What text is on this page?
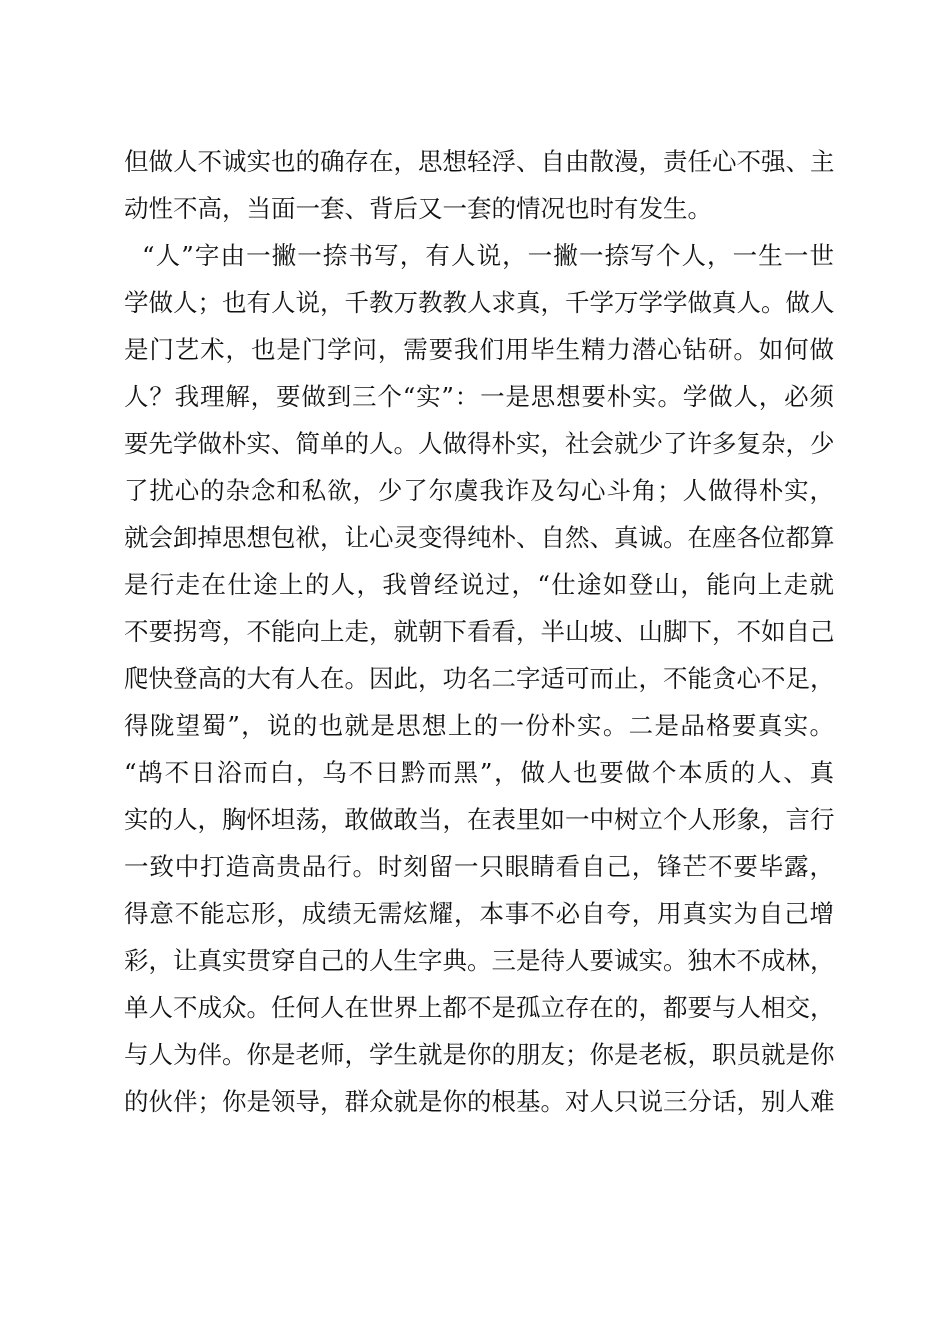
但做人不诚实也的确存在，思想轻浮、自由散漫，责任心不强、主
动性不高，当面一套、背后又一套的情况也时有发生。
“人”字由一撇一捺书写，有人说，一撇一捺写个人，一生一世
学做人；也有人说，千教万教教人求真，千学万学学做真人。做人
是门艺术，也是门学问，需要我们用毕生精力潜心钻研。如何做
人？我理解，要做到三个“实”：一是思想要朴实。学做人，必须
要先学做朴实、简单的人。人做得朴实，社会就少了许多复杂，少
了扰心的杂念和私欲，少了尔虞我诈及勾心斗角；人做得朴实，
就会卸掉思想包袱，让心灵变得纯朴、自然、真诚。在座各位都算
是行走在仕途上的人，我曾经说过，“仕途如登山，能向上走就
不要拐弯，不能向上走，就朝下看看，半山坡、山脚下，不如自己
爬快登高的大有人在。因此，功名二字适可而止，不能贪心不足，
得陇望蜀”，说的也就是思想上的一份朴实。二是品格要真实。
“鸪不日浴而白，乌不日黔而黑”，做人也要做个本质的人、真
实的人，胸怀坦荡，敢做敢当，在表里如一中树立个人形象，言行
一致中打造高贵品行。时刻留一只眼睛看自己，锋芒不要毕露，
得意不能忘形，成绩无需炫耀，本事不必自夸，用真实为自己增
彩，让真实贯穿自己的人生字典。三是待人要诚实。独木不成林，
单人不成众。任何人在世界上都不是孤立存在的，都要与人相交，
与人为伴。你是老师，学生就是你的朋友；你是老板，职员就是你
的伙伴；你是领导，群众就是你的根基。对人只说三分话，别人难
